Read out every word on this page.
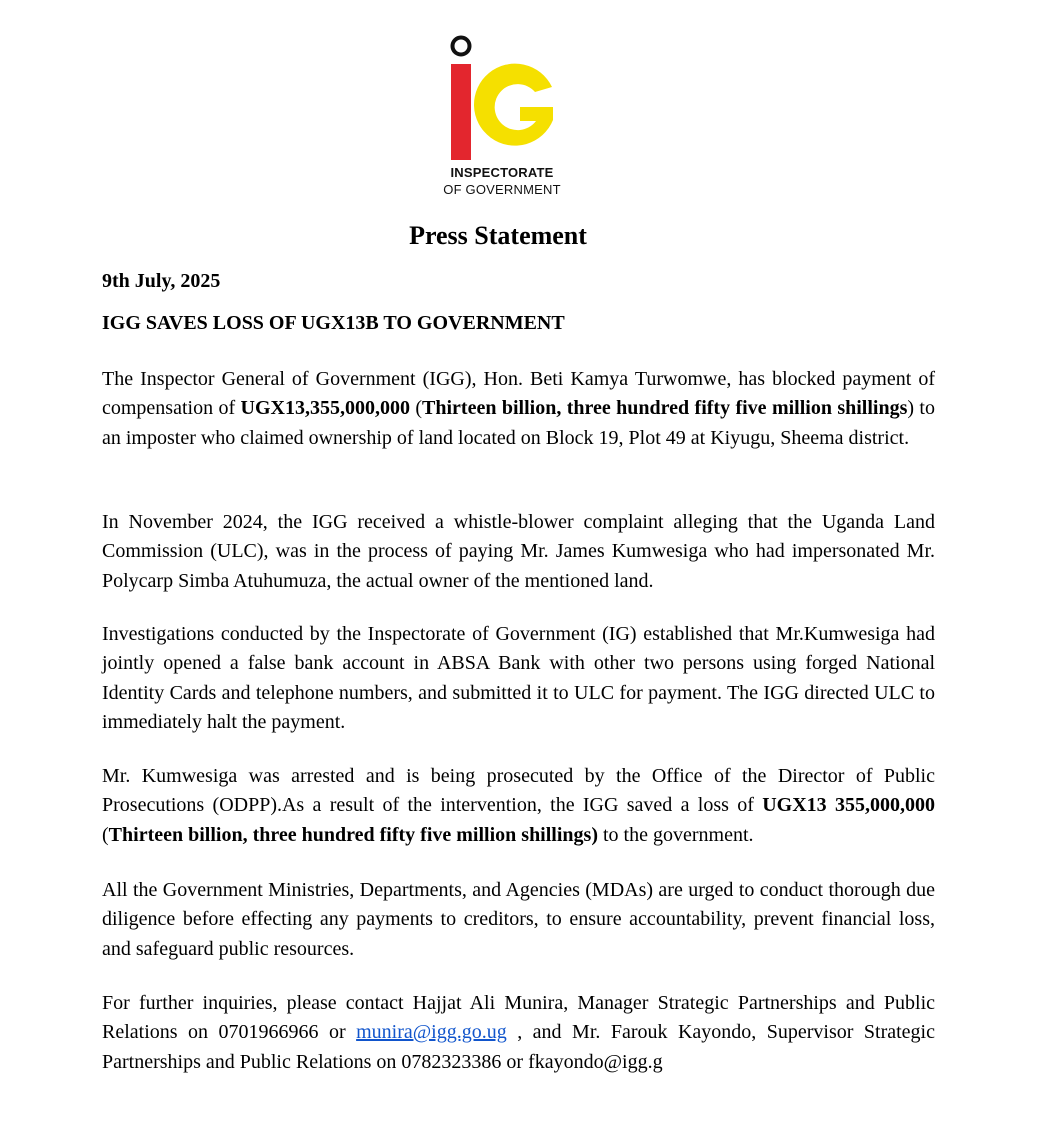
INSPECTORATE
OF GOVERNMENT
Press Statement
9th July, 2025
IGG SAVES LOSS OF UGX13B TO GOVERNMENT

The Inspector General of Government (IGG), Hon. Beti Kamya Turwomwe, has blocked payment of compensation of UGX13,355,000,000 (Thirteen billion, three hundred fifty five million shillings) to an imposter who claimed ownership of land located on Block 19, Plot 49 at Kiyugu, Sheema district.

In November 2024, the IGG received a whistle-blower complaint alleging that the Uganda Land Commission (ULC), was in the process of paying Mr. James Kumwesiga who had impersonated Mr. Polycarp Simba Atuhumuza, the actual owner of the mentioned land.

Investigations conducted by the Inspectorate of Government (IG) established that Mr.Kumwesiga had jointly opened a false bank account in ABSA Bank with other two persons using forged National Identity Cards and telephone numbers, and submitted it to ULC for payment. The IGG directed ULC to immediately halt the payment.

Mr. Kumwesiga was arrested and is being prosecuted by the Office of the Director of Public Prosecutions (ODPP).As a result of the intervention, the IGG saved a loss of UGX13 355,000,000 (Thirteen billion, three hundred fifty five million shillings) to the government.

All the Government Ministries, Departments, and Agencies (MDAs) are urged to conduct thorough due diligence before effecting any payments to creditors, to ensure accountability, prevent financial loss, and safeguard public resources.

For further inquiries, please contact Hajjat Ali Munira, Manager Strategic Partnerships and Public Relations on 0701966966 or munira@igg.go.ug , and Mr. Farouk Kayondo, Supervisor Strategic Partnerships and Public Relations on 0782323386 or fkayondo@igg.g
